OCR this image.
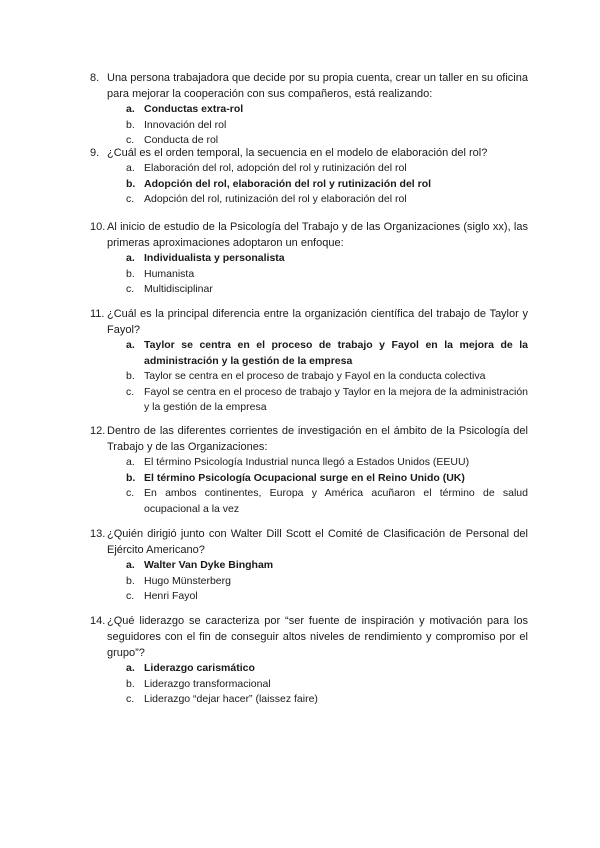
8. Una persona trabajadora que decide por su propia cuenta, crear un taller en su oficina para mejorar la cooperación con sus compañeros, está realizando:
a. Conductas extra-rol
b. Innovación del rol
c. Conducta de rol
9. ¿Cuál es el orden temporal, la secuencia en el modelo de elaboración del rol?
a. Elaboración del rol, adopción del rol y rutinización del rol
b. Adopción del rol, elaboración del rol y rutinización del rol
c. Adopción del rol, rutinización del rol y elaboración del rol
10. Al inicio de estudio de la Psicología del Trabajo y de las Organizaciones (siglo xx), las primeras aproximaciones adoptaron un enfoque:
a. Individualista y personalista
b. Humanista
c. Multidisciplinar
11. ¿Cuál es la principal diferencia entre la organización científica del trabajo de Taylor y Fayol?
a. Taylor se centra en el proceso de trabajo y Fayol en la mejora de la administración y la gestión de la empresa
b. Taylor se centra en el proceso de trabajo y Fayol en la conducta colectiva
c. Fayol se centra en el proceso de trabajo y Taylor en la mejora de la administración y la gestión de la empresa
12. Dentro de las diferentes corrientes de investigación en el ámbito de la Psicología del Trabajo y de las Organizaciones:
a. El término Psicología Industrial nunca llegó a Estados Unidos (EEUU)
b. El término Psicología Ocupacional surge en el Reino Unido (UK)
c. En ambos continentes, Europa y América acuñaron el término de salud ocupacional a la vez
13. ¿Quién dirigió junto con Walter Dill Scott el Comité de Clasificación de Personal del Ejército Americano?
a. Walter Van Dyke Bingham
b. Hugo Münsterberg
c. Henri Fayol
14. ¿Qué liderazgo se caracteriza por “ser fuente de inspiración y motivación para los seguidores con el fin de conseguir altos niveles de rendimiento y compromiso por el grupo”?
a. Liderazgo carismático
b. Liderazgo transformacional
c. Liderazgo “dejar hacer” (laissez faire)
